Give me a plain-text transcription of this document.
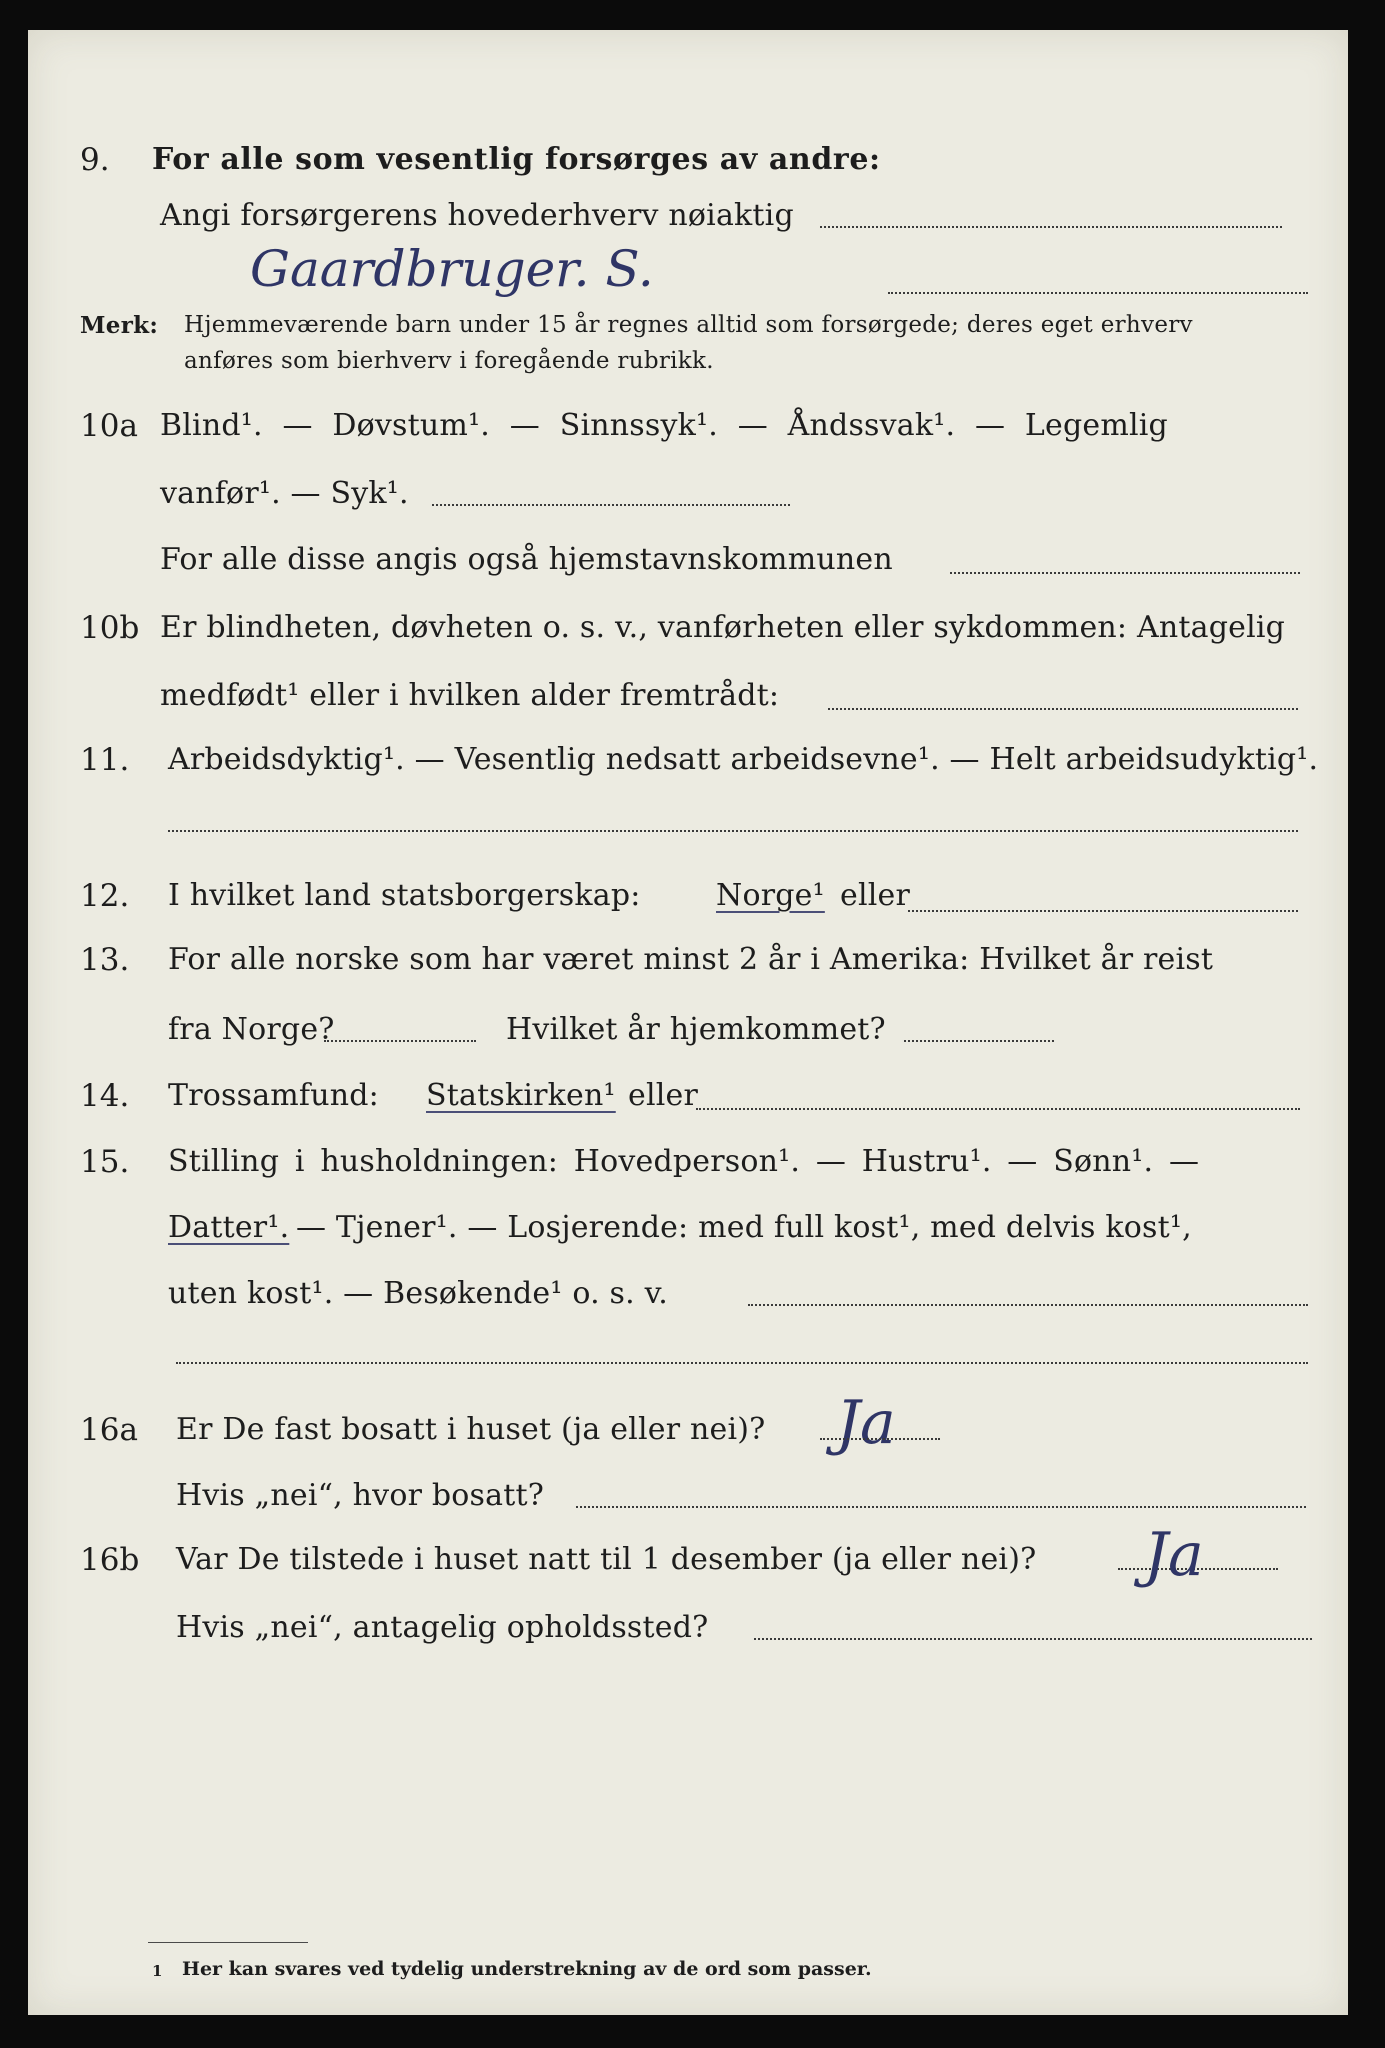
9. For alle som vesentlig forsørges av andre:
Angi forsørgerens hovederhverv nøiaktig
Gaardbruger. S.
Merk: Hjemmeværende barn under 15 år regnes alltid som forsørgede; deres eget erhverv
anføres som bierhverv i foregående rubrikk.
10a Blind¹. — Døvstum¹. — Sinnssyk¹. — Åndssvak¹. — Legemlig
vanfør¹. — Syk¹.
For alle disse angis også hjemstavnskommunen
10b Er blindheten, døvheten o. s. v., vanførheten eller sykdommen: Antagelig
medfødt¹ eller i hvilken alder fremtrådt:
11. Arbeidsdyktig¹. — Vesentlig nedsatt arbeidsevne¹. — Helt arbeidsudyktig¹.
12. I hvilket land statsborgerskap:	Norge¹ eller
13. For alle norske som har været minst 2 år i Amerika: Hvilket år reist
fra Norge?	Hvilket år hjemkommet?
14. Trossamfund: Statskirken¹ eller
15. Stilling i husholdningen: Hovedperson¹. — Hustru¹. — Sønn¹. —
Datter¹. — Tjener¹. — Losjerende: med full kost¹, med delvis kost¹,
uten kost¹. — Besøkende¹ o. s. v.
16a Er De fast bosatt i huset (ja eller nei)? Ja
Hvis „nei“, hvor bosatt?
16b Var De tilstede i huset natt til 1 desember (ja eller nei)? Ja
Hvis „nei“, antagelig opholdssted?
1 Her kan svares ved tydelig understrekning av de ord som passer.
